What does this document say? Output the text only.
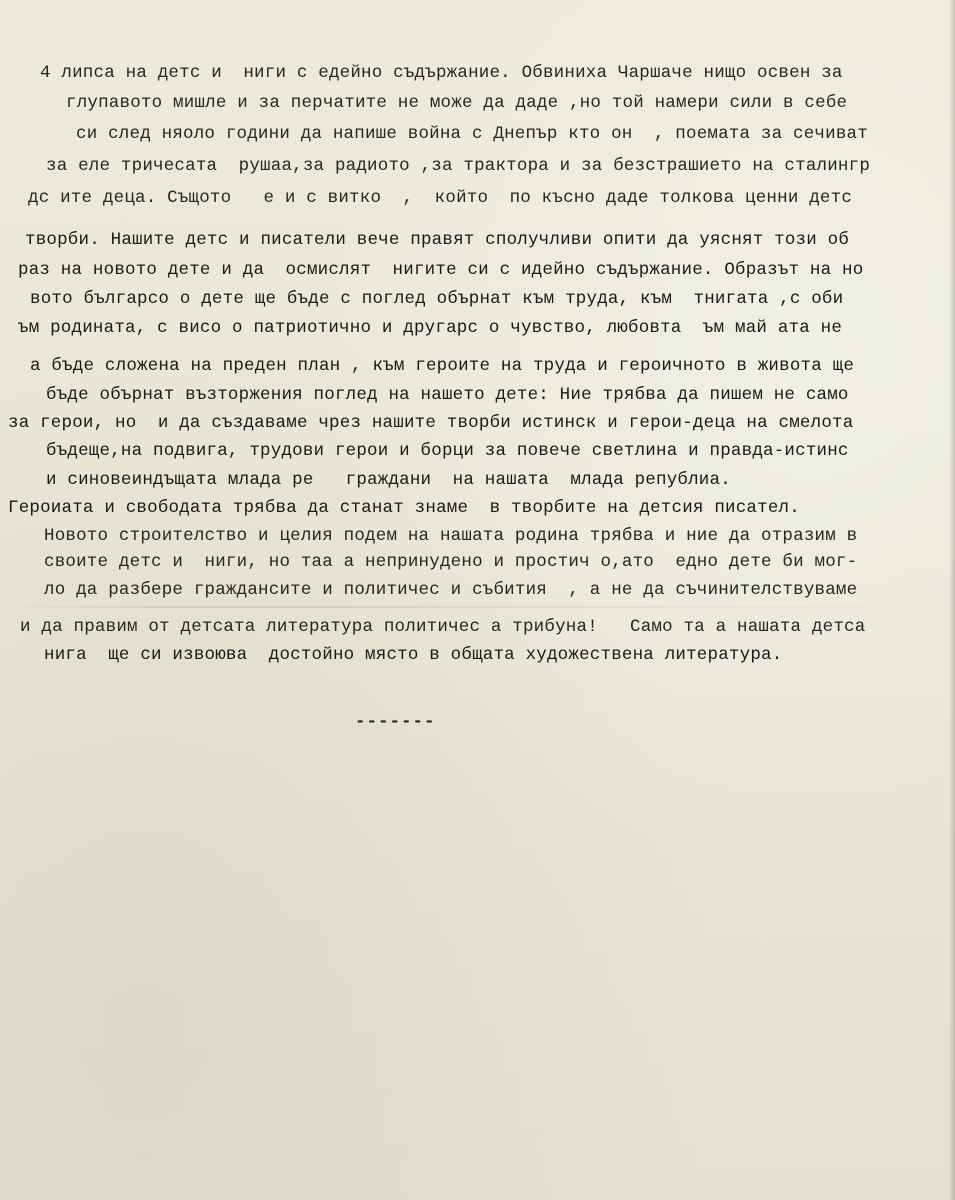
4 липса на детс и  ниги с едейно съдържание. Обвиниха Чаршаче нищо освен за

глупавото мишле и за перчатите не може да даде ,но той намери сили в себе

си след няоло години да напише война с Днепър кто он  , поемата за сечиват

за еле тричесата  рушаа,за радиото ,за трактора и за безстрашието на сталингр

дс ите деца. Същото   е и с витко  ,  който  по късно даде толкова ценни детс

творби. Нашите детс и писатели вече правят сполучливи опити да уяснят този об

раз на новото дете и да  осмислят  нигите си с идейно съдържание. Образът на но

вото българсо о дете ще бъде с поглед обърнат към труда, към  тнигата ,с оби

ъм родината, с висо о патриотично и другарс о чувство, любовта  ъм май ата не

а бъде сложена на преден план , към героите на труда и героичното в живота ще

бъде обърнат възторжения поглед на нашето дете: Ние трябва да пишем не само

за герои, но  и да създаваме чрез нашите творби истинск и герои-деца на смелота

бъдеще,на подвига, трудови герои и борци за повече светлина и правда-истинс

и синовеиндъщата млада ре   граждани  на нашата  млада републиа.

Героиата и свободата трябва да станат знаме  в творбите на детсия писател.

Новото строителство и целия подем на нашата родина трябва и ние да отразим в

своите детс и  ниги, но таа а непринудено и простич о,ато  едно дете би мог-

ло да разбере граждансите и политичес и събития  , а не да съчинителствуваме

и да правим от детсата литература политичес а трибуна!   Само та а нашата детса

нига  ще си извоюва  достойно място в общата художествена литература.

-------
